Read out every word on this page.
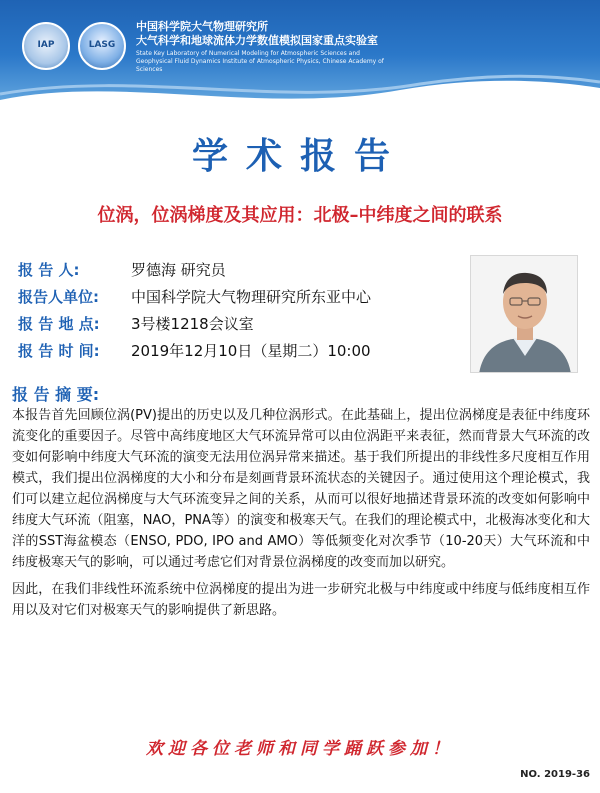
IAP	LASG
中国科学院大气物理研究所
大气科学和地球流体力学数值模拟国家重点实验室
State Key Laboratory of Numerical Modeling for Atmospheric Sciences and Geophysical Fluid Dynamics Institute of Atmospheric Physics, Chinese Academy of Sciences
学术报告
位涡，位涡梯度及其应用：北极–中纬度之间的联系
报 告 人:	罗德海 研究员
报告人单位:	中国科学院大气物理研究所东亚中心
报 告 地 点:	3号楼1218会议室
报 告 时 间:	2019年12月10日（星期二）10:00
报 告 摘 要:

本报告首先回顾位涡(PV)提出的历史以及几种位涡形式。在此基础上，提出位涡梯度是表征中纬度环流变化的重要因子。尽管中高纬度地区大气环流异常可以由位涡距平来表征，然而背景大气环流的改变如何影响中纬度大气环流的演变无法用位涡异常来描述。基于我们所提出的非线性多尺度相互作用模式，我们提出位涡梯度的大小和分布是刻画背景环流状态的关键因子。通过使用这个理论模式，我们可以建立起位涡梯度与大气环流变异之间的关系，从而可以很好地描述背景环流的改变如何影响中纬度大气环流（阻塞，NAO，PNA等）的演变和极寒天气。在我们的理论模式中，北极海冰变化和大洋的SST海盆模态（ENSO, PDO, IPO and AMO）等低频变化对次季节（10-20天）大气环流和中纬度极寒天气的影响，可以通过考虑它们对背景位涡梯度的改变而加以研究。

因此，在我们非线性环流系统中位涡梯度的提出为进一步研究北极与中纬度或中纬度与低纬度相互作用以及对它们对极寒天气的影响提供了新思路。

欢迎各位老师和同学踊跃参加！
NO. 2019-36
